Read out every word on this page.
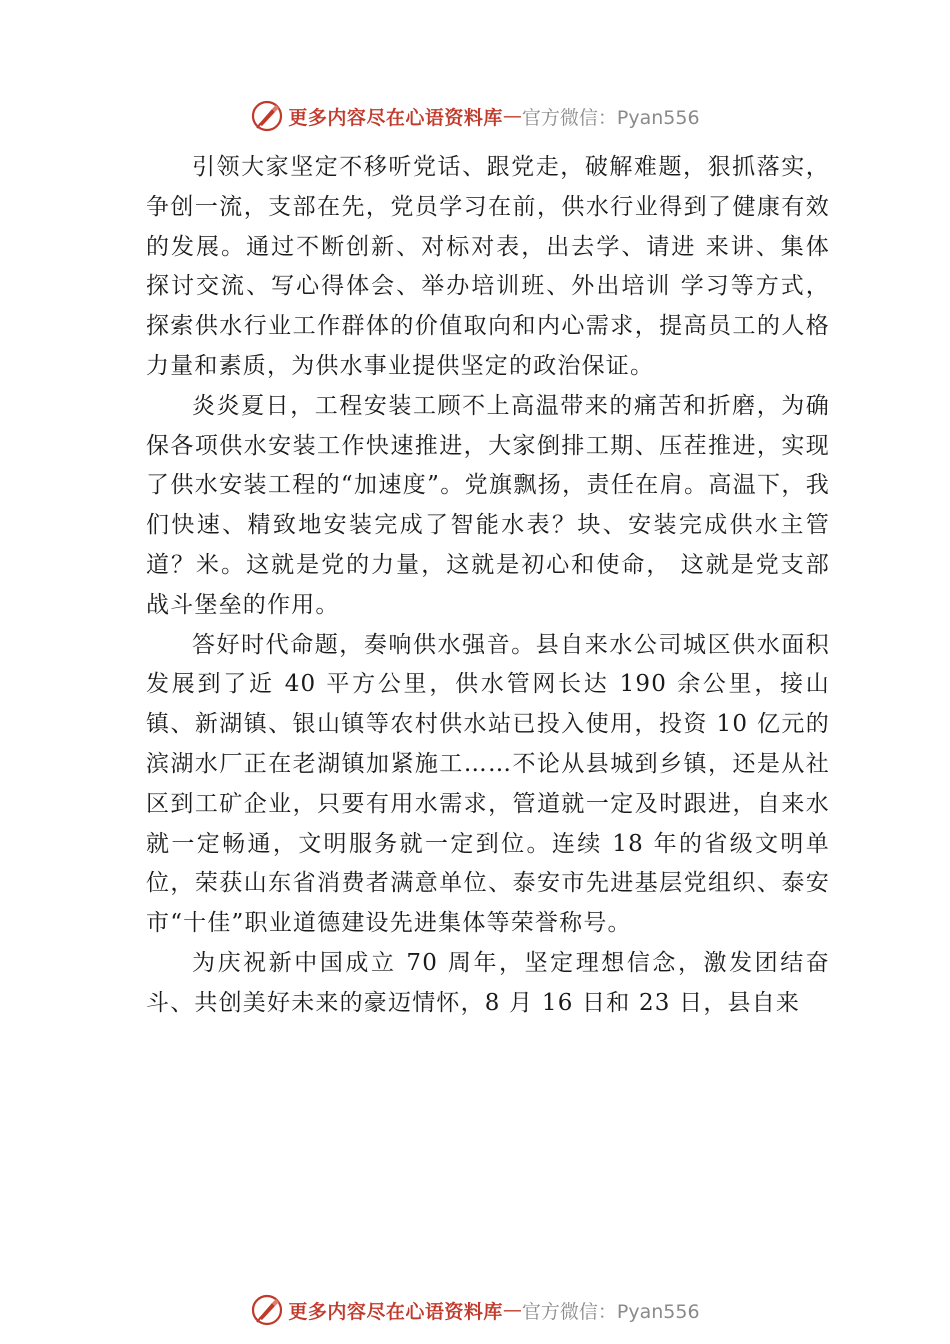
更多内容尽在心语资料库 — 官方微信：Pyan556

引领大家坚定不移听党话、跟党走，破解难题，狠抓落实，争创一流，支部在先，党员学习在前，供水行业得到了健康有效的发展。通过不断创新、对标对表，出去学、请进 来讲、集体探讨交流、写心得体会、举办培训班、外出培训 学习等方式，探索供水行业工作群体的价值取向和内心需求，提高员工的人格力量和素质，为供水事业提供坚定的政治保证。

炎炎夏日，工程安装工顾不上高温带来的痛苦和折磨，为确保各项供水安装工作快速推进，大家倒排工期、压茬推进，实现了供水安装工程的“加速度”。党旗飘扬，责任在肩。高温下，我们快速、精致地安装完成了智能水表？块、安装完成供水主管道？米。这就是党的力量，这就是初心和使命， 这就是党支部战斗堡垒的作用。

答好时代命题，奏响供水强音。县自来水公司城区供水面积发展到了近 40 平方公里，供水管网长达 190 余公里，接山镇、新湖镇、银山镇等农村供水站已投入使用，投资 10 亿元的滨湖水厂正在老湖镇加紧施工……不论从县城到乡镇，还是从社区到工矿企业，只要有用水需求，管道就一定及时跟进，自来水就一定畅通，文明服务就一定到位。连续 18 年的省级文明单位，荣获山东省消费者满意单位、泰安市先进基层党组织、泰安市“十佳”职业道德建设先进集体等荣誉称号。

为庆祝新中国成立 70 周年，坚定理想信念，激发团结奋斗、共创美好未来的豪迈情怀，8 月 16 日和 23 日，县自来

更多内容尽在心语资料库 — 官方微信：Pyan556
